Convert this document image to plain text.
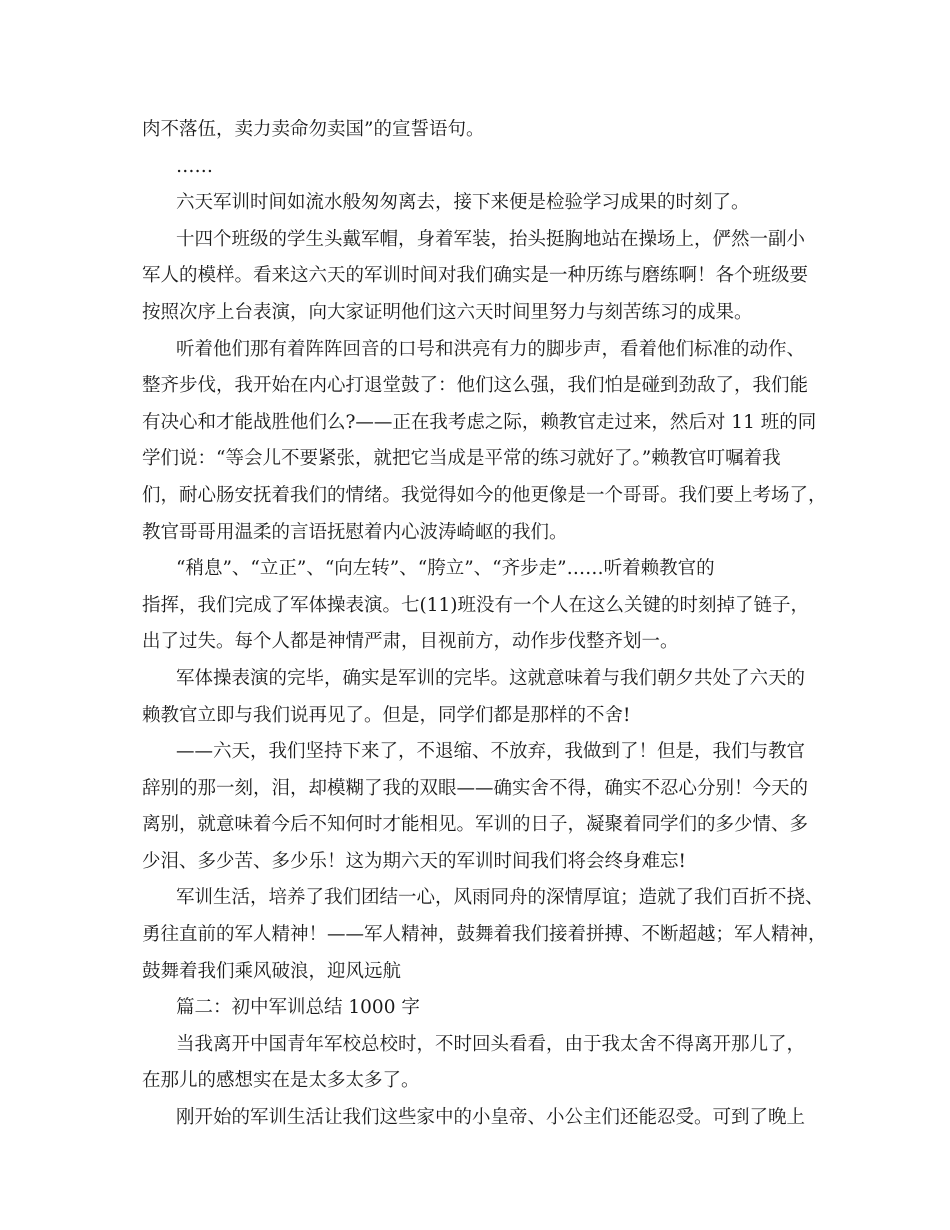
肉不落伍，卖力卖命勿卖国”的宣誓语句。
……
六天军训时间如流水般匆匆离去，接下来便是检验学习成果的时刻了。
十四个班级的学生头戴军帽，身着军装，抬头挺胸地站在操场上，俨然一副小
军人的模样。看来这六天的军训时间对我们确实是一种历练与磨练啊！各个班级要
按照次序上台表演，向大家证明他们这六天时间里努力与刻苦练习的成果。
听着他们那有着阵阵回音的口号和洪亮有力的脚步声，看着他们标准的动作、
整齐步伐，我开始在内心打退堂鼓了：他们这么强，我们怕是碰到劲敌了，我们能
有决心和才能战胜他们么?——正在我考虑之际，赖教官走过来，然后对 11 班的同
学们说：“等会儿不要紧张，就把它当成是平常的练习就好了。”赖教官叮嘱着我
们，耐心肠安抚着我们的情绪。我觉得如今的他更像是一个哥哥。我们要上考场了，
教官哥哥用温柔的言语抚慰着内心波涛崎岖的我们。
“稍息”、“立正”、“向左转”、“胯立”、“齐步走”……听着赖教官的
指挥，我们完成了军体操表演。七(11)班没有一个人在这么关键的时刻掉了链子，
出了过失。每个人都是神情严肃，目视前方，动作步伐整齐划一。
军体操表演的完毕，确实是军训的完毕。这就意味着与我们朝夕共处了六天的
赖教官立即与我们说再见了。但是，同学们都是那样的不舍!
——六天，我们坚持下来了，不退缩、不放弃，我做到了！但是，我们与教官
辞别的那一刻，泪，却模糊了我的双眼——确实舍不得，确实不忍心分别！今天的
离别，就意味着今后不知何时才能相见。军训的日子，凝聚着同学们的多少情、多
少泪、多少苦、多少乐！这为期六天的军训时间我们将会终身难忘!
军训生活，培养了我们团结一心，风雨同舟的深情厚谊；造就了我们百折不挠、
勇往直前的军人精神！——军人精神，鼓舞着我们接着拼搏、不断超越；军人精神，
鼓舞着我们乘风破浪，迎风远航
篇二：初中军训总结 1000 字
当我离开中国青年军校总校时，不时回头看看，由于我太舍不得离开那儿了，
在那儿的感想实在是太多太多了。
刚开始的军训生活让我们这些家中的小皇帝、小公主们还能忍受。可到了晚上
